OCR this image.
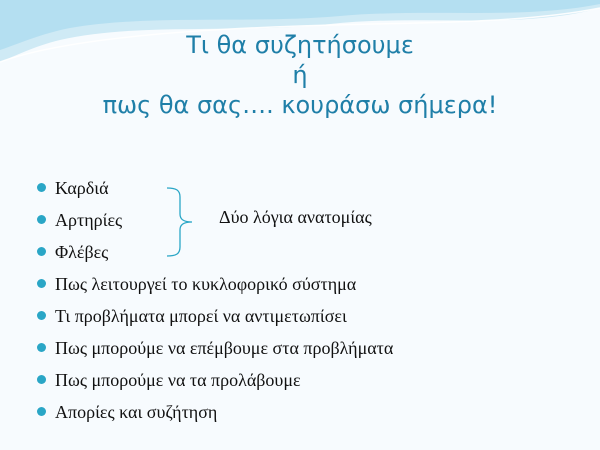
Τι θα συζητήσουμε
ή
πως θα σας…. κουράσω σήμερα!
Καρδιά
Αρτηρίες
Φλέβες
Πως λειτουργεί το κυκλοφορικό σύστημα
Τι προβλήματα μπορεί να αντιμετωπίσει
Πως μπορούμε να επέμβουμε στα προβλήματα
Πως μπορούμε να τα προλάβουμε
Απορίες και συζήτηση
Δύο λόγια ανατομίας
